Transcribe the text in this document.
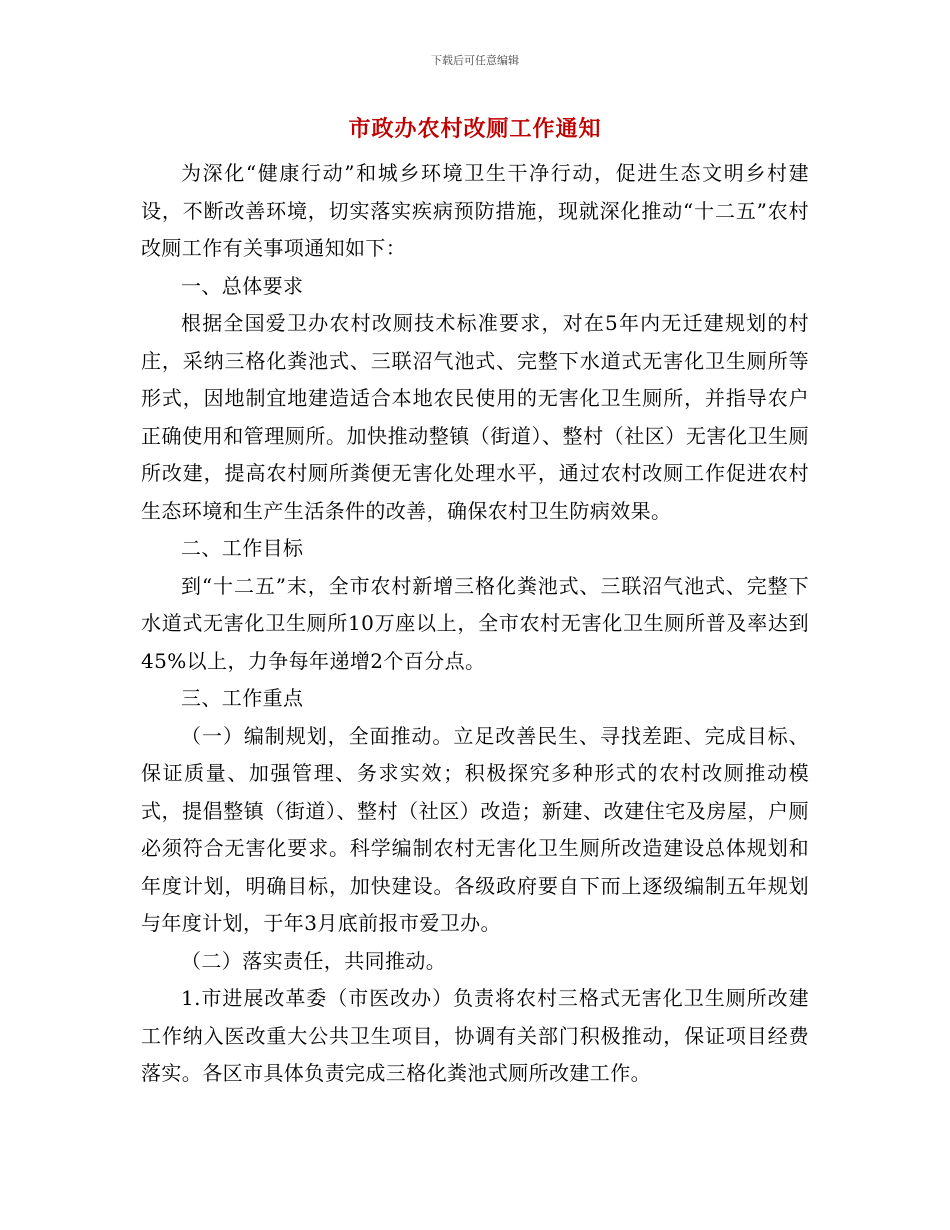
下载后可任意编辑
市政办农村改厕工作通知

为深化“健康行动”和城乡环境卫生干净行动，促进生态文明乡村建设，不断改善环境，切实落实疾病预防措施，现就深化推动“十二五”农村改厕工作有关事项通知如下：

一、总体要求

根据全国爱卫办农村改厕技术标准要求，对在5年内无迁建规划的村庄，采纳三格化粪池式、三联沼气池式、完整下水道式无害化卫生厕所等形式，因地制宜地建造适合本地农民使用的无害化卫生厕所，并指导农户正确使用和管理厕所。加快推动整镇（街道）、整村（社区）无害化卫生厕所改建，提高农村厕所粪便无害化处理水平，通过农村改厕工作促进农村生态环境和生产生活条件的改善，确保农村卫生防病效果。

二、工作目标

到“十二五”末，全市农村新增三格化粪池式、三联沼气池式、完整下水道式无害化卫生厕所10万座以上，全市农村无害化卫生厕所普及率达到45%以上，力争每年递增2个百分点。

三、工作重点

（一）编制规划，全面推动。立足改善民生、寻找差距、完成目标、保证质量、加强管理、务求实效；积极探究多种形式的农村改厕推动模式，提倡整镇（街道）、整村（社区）改造；新建、改建住宅及房屋，户厕必须符合无害化要求。科学编制农村无害化卫生厕所改造建设总体规划和年度计划，明确目标，加快建设。各级政府要自下而上逐级编制五年规划与年度计划，于年3月底前报市爱卫办。

（二）落实责任，共同推动。

1.市进展改革委（市医改办）负责将农村三格式无害化卫生厕所改建工作纳入医改重大公共卫生项目，协调有关部门积极推动，保证项目经费落实。各区市具体负责完成三格化粪池式厕所改建工作。
